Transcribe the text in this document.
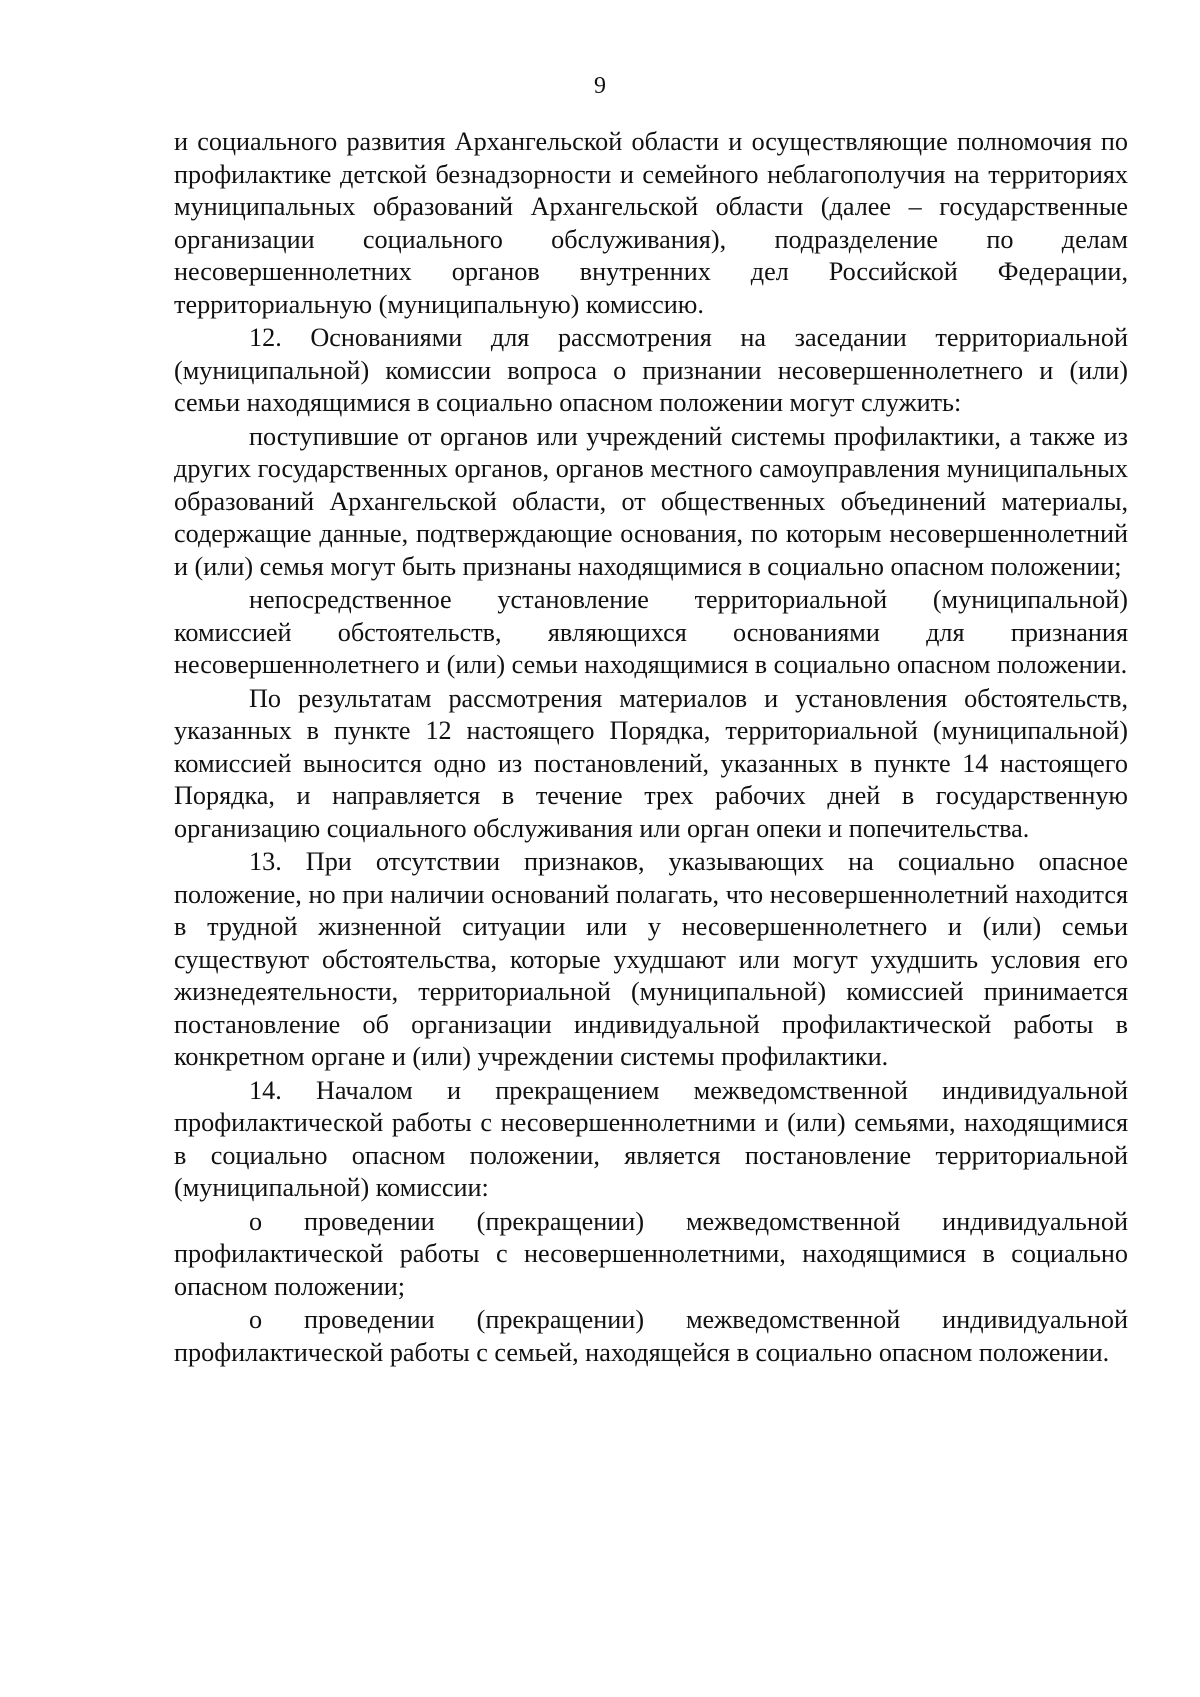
9

и социального развития Архангельской области и осуществляющие полномочия по профилактике детской безнадзорности и семейного неблагополучия на территориях муниципальных образований Архангельской области (далее – государственные организации социального обслуживания), подразделение по делам несовершеннолетних органов внутренних дел Российской Федерации, территориальную (муниципальную) комиссию.

12. Основаниями для рассмотрения на заседании территориальной (муниципальной) комиссии вопроса о признании несовершеннолетнего и (или) семьи находящимися в социально опасном положении могут служить:

поступившие от органов или учреждений системы профилактики, а также из других государственных органов, органов местного самоуправления муниципальных образований Архангельской области, от общественных объединений материалы, содержащие данные, подтверждающие основания, по которым несовершеннолетний и (или) семья могут быть признаны находящимися в социально опасном положении;

непосредственное установление территориальной (муниципальной) комиссией обстоятельств, являющихся основаниями для признания несовершеннолетнего и (или) семьи находящимися в социально опасном положении.

По результатам рассмотрения материалов и установления обстоятельств, указанных в пункте 12 настоящего Порядка, территориальной (муниципальной) комиссией выносится одно из постановлений, указанных в пункте 14 настоящего Порядка, и направляется в течение трех рабочих дней в государственную организацию социального обслуживания или орган опеки и попечительства.

13. При отсутствии признаков, указывающих на социально опасное положение, но при наличии оснований полагать, что несовершеннолетний находится в трудной жизненной ситуации или у несовершеннолетнего и (или) семьи существуют обстоятельства, которые ухудшают или могут ухудшить условия его жизнедеятельности, территориальной (муниципальной) комиссией принимается постановление об организации индивидуальной профилактической работы в конкретном органе и (или) учреждении системы профилактики.

14. Началом и прекращением межведомственной индивидуальной профилактической работы с несовершеннолетними и (или) семьями, находящимися в социально опасном положении, является постановление территориальной (муниципальной) комиссии:

о проведении (прекращении) межведомственной индивидуальной профилактической работы с несовершеннолетними, находящимися в социально опасном положении;

о проведении (прекращении) межведомственной индивидуальной профилактической работы с семьей, находящейся в социально опасном положении.
